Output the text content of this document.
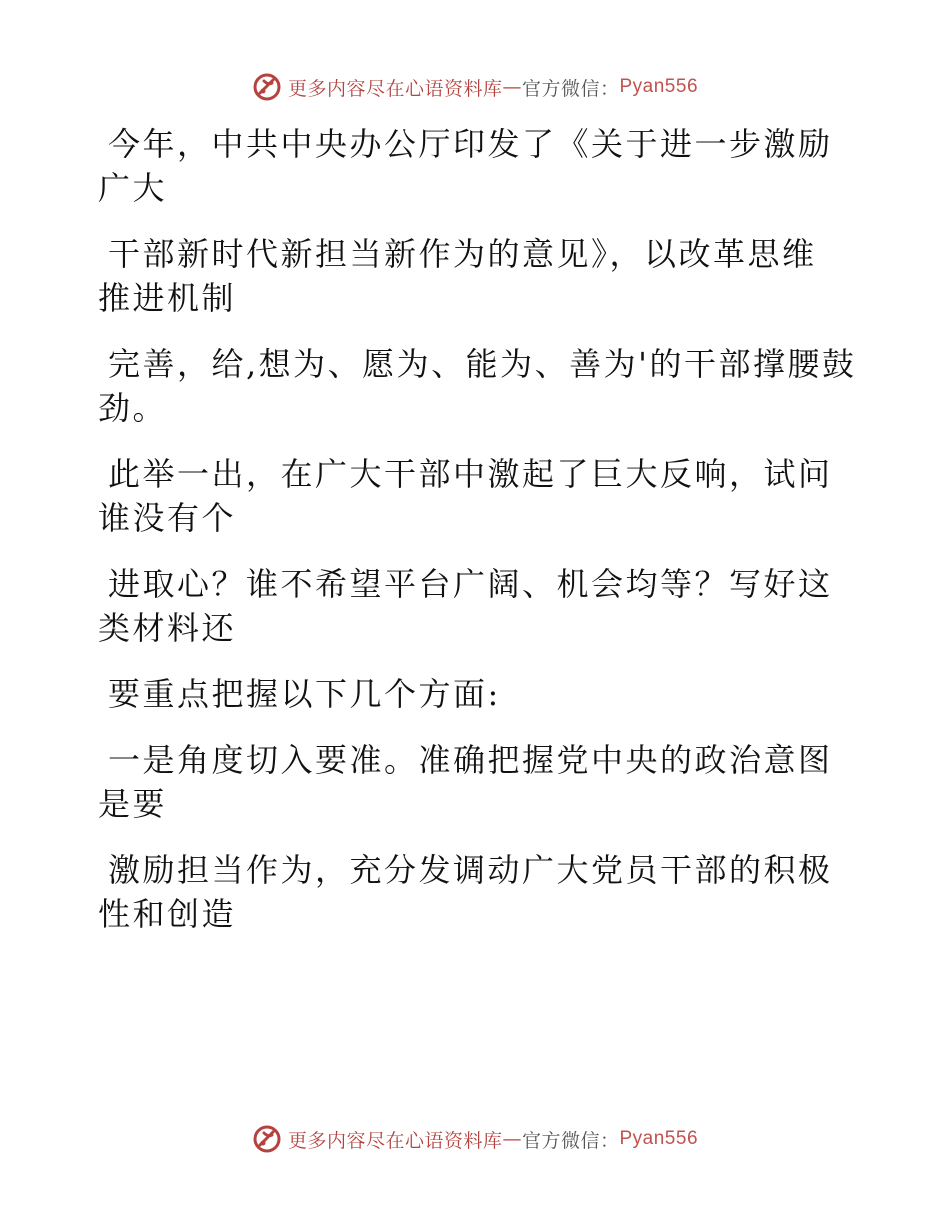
更多内容尽在心语资料库 — 官方微信： Pyan556
今年，中共中央办公厅印发了《关于进一步激励
广大
干部新时代新担当新作为的意见》，以改革思维
推进机制
完善，给,想为、愿为、能为、善为'的干部撑腰鼓
劲。
此举一出，在广大干部中激起了巨大反响，试问
谁没有个
进取心？谁不希望平台广阔、机会均等？写好这
类材料还
要重点把握以下几个方面:
一是角度切入要准。准确把握党中央的政治意图
是要
激励担当作为，充分发调动广大党员干部的积极
性和创造
更多内容尽在心语资料库 — 官方微信： Pyan556
